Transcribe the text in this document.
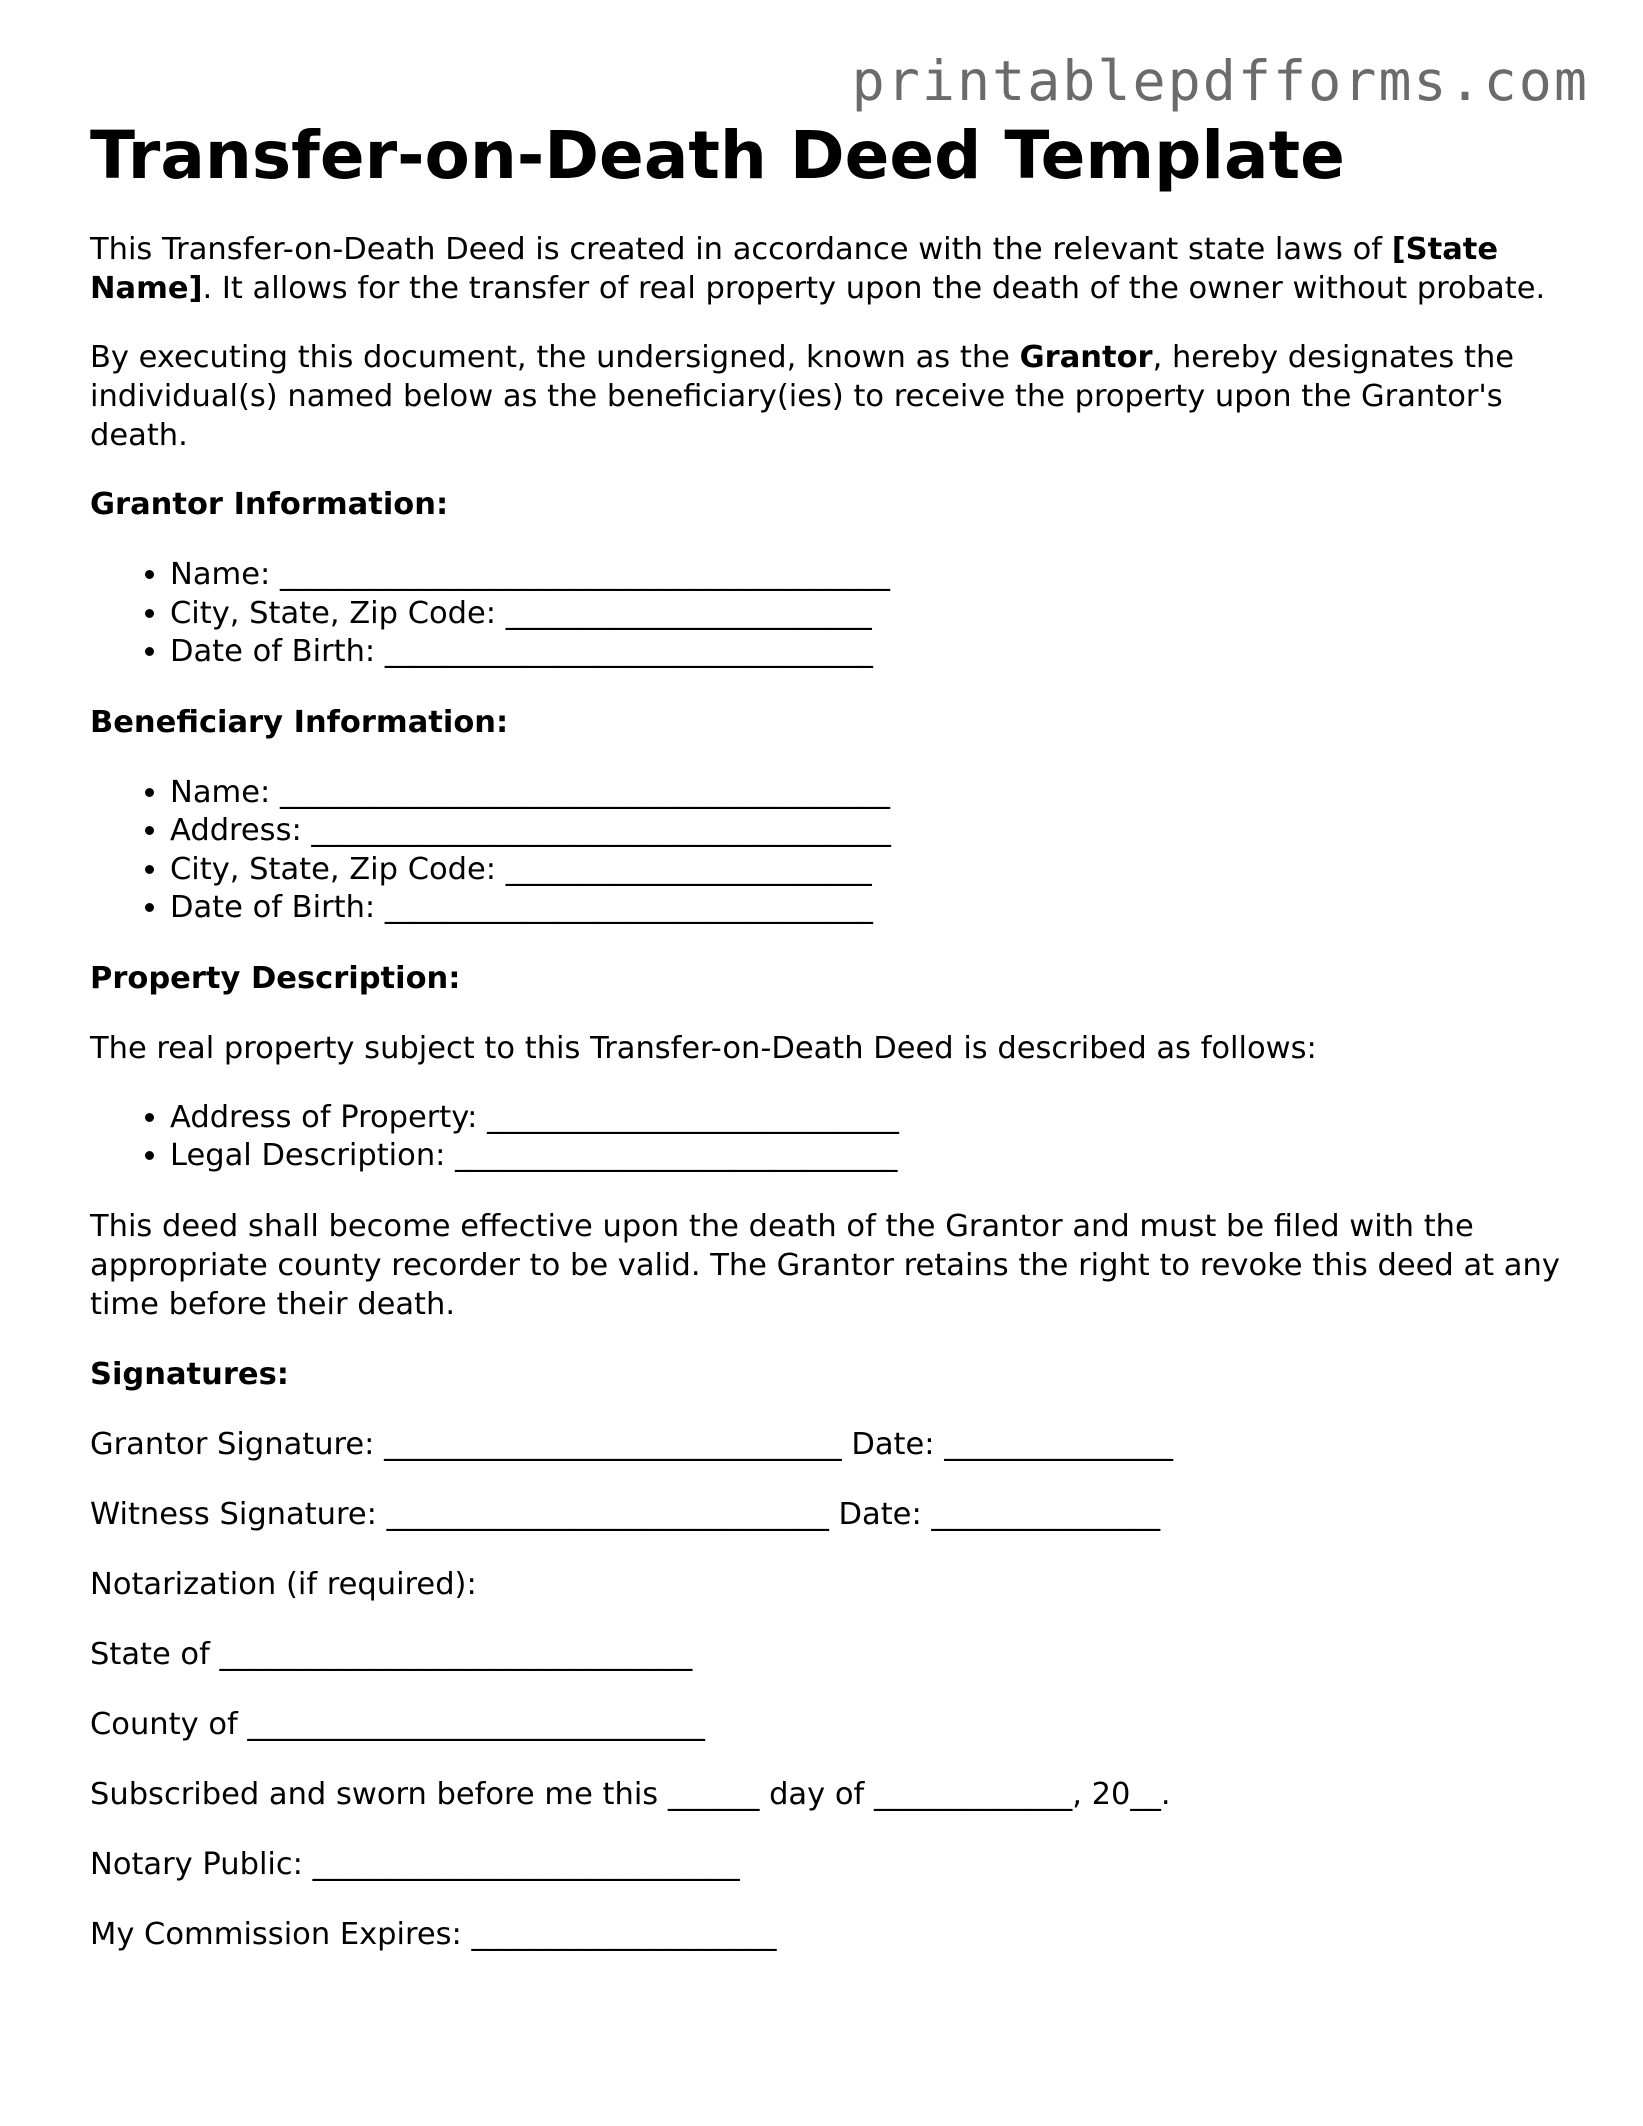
printablepdfforms.com
Transfer-on-Death Deed Template

This Transfer-on-Death Deed is created in accordance with the relevant state laws of [State Name]. It allows for the transfer of real property upon the death of the owner without probate.

By executing this document, the undersigned, known as the Grantor, hereby designates the individual(s) named below as the beneficiary(ies) to receive the property upon the Grantor's death.

Grantor Information:

• Name: ________________________________________
• City, State, Zip Code: ________________________
• Date of Birth: ________________________________

Beneficiary Information:

• Name: ________________________________________
• Address: ______________________________________
• City, State, Zip Code: ________________________
• Date of Birth: ________________________________

Property Description:

The real property subject to this Transfer-on-Death Deed is described as follows:

• Address of Property: ___________________________
• Legal Description: _____________________________

This deed shall become effective upon the death of the Grantor and must be filed with the appropriate county recorder to be valid. The Grantor retains the right to revoke this deed at any time before their death.

Signatures:

Grantor Signature: ______________________________ Date: _______________

Witness Signature: _____________________________ Date: _______________

Notarization (if required):

State of _______________________________

County of ______________________________

Subscribed and sworn before me this ______ day of _____________, 20__.

Notary Public: ____________________________

My Commission Expires: ____________________
